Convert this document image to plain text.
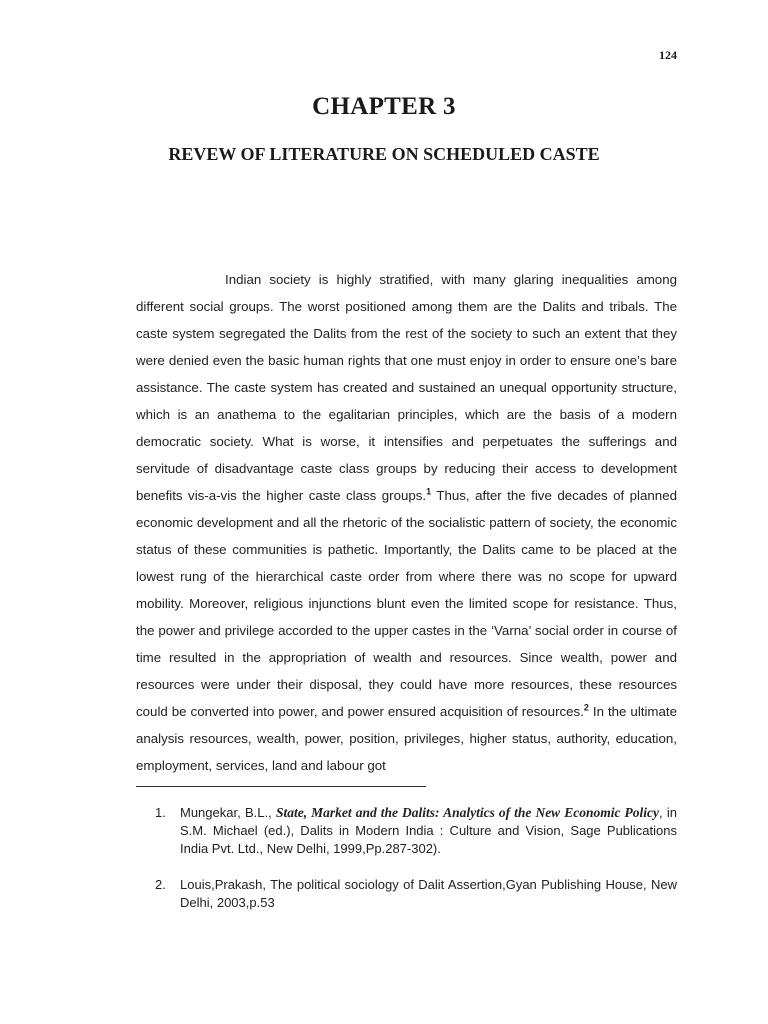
124
CHAPTER 3
REVEW OF LITERATURE ON SCHEDULED CASTE

Indian society is highly stratified, with many glaring inequalities among different social groups. The worst positioned among them are the Dalits and tribals. The caste system segregated the Dalits from the rest of the society to such an extent that they were denied even the basic human rights that one must enjoy in order to ensure one’s bare assistance. The caste system has created and sustained an unequal opportunity structure, which is an anathema to the egalitarian principles, which are the basis of a modern democratic society. What is worse, it intensifies and perpetuates the sufferings and servitude of disadvantage caste class groups by reducing their access to development benefits vis-a-vis the higher caste class groups.$^1$ Thus, after the five decades of planned economic development and all the rhetoric of the socialistic pattern of society, the economic status of these communities is pathetic. Importantly, the Dalits came to be placed at the lowest rung of the hierarchical caste order from where there was no scope for upward mobility. Moreover, religious injunctions blunt even the limited scope for resistance. Thus, the power and privilege accorded to the upper castes in the ‘Varna’ social order in course of time resulted in the appropriation of wealth and resources. Since wealth, power and resources were under their disposal, they could have more resources, these resources could be converted into power, and power ensured acquisition of resources.$^2$ In the ultimate analysis resources, wealth, power, position, privileges, higher status, authority, education, employment, services, land and labour got

1. Mungekar, B.L., State, Market and the Dalits: Analytics of the New Economic Policy, in S.M. Michael (ed.), Dalits in Modern India : Culture and Vision, Sage Publications India Pvt. Ltd., New Delhi, 1999,Pp.287-302).
2. Louis,Prakash, The political sociology of Dalit Assertion,Gyan Publishing House, New Delhi, 2003,p.53
